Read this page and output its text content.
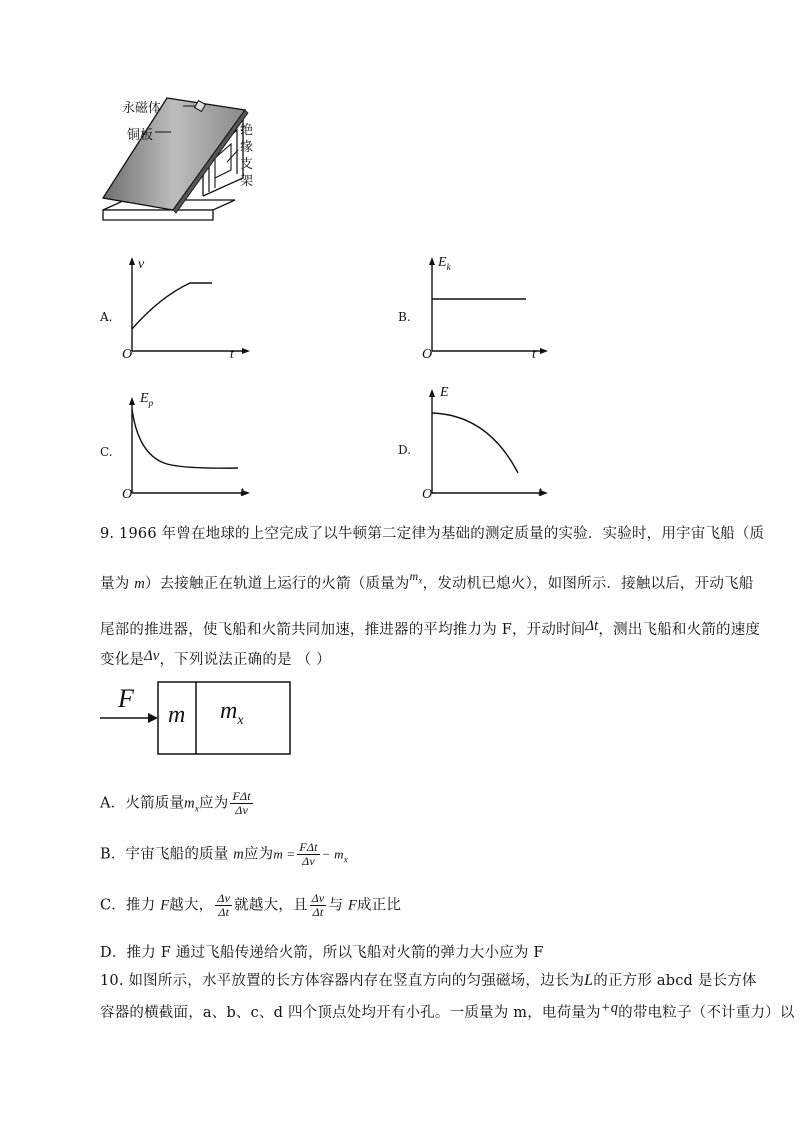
永磁体
铜板	绝
缘
支
架
A.
v
t
O
B.
$E_k$
t
O
C.
$E_p$
t
O
D.
E
t
O
9. 1966 年曾在地球的上空完成了以牛顿第二定律为基础的测定质量的实验．实验时，用宇宙飞船（质
量为 m）去接触正在轨道上运行的火箭（质量为$^{m_x}$，发动机已熄火），如图所示．接触以后，开动飞船
尾部的推进器，使飞船和火箭共同加速，推进器的平均推力为 F，开动时间Δt，测出飞船和火箭的速度
变化是Δv，下列说法正确的是 （ ）
F
m $m_x$
A．火箭质量$m_x$应为 $\frac{\text{FΔt}}{\Delta v}$
B．宇宙飞船的质量 m应为$m = \frac{\text{FΔt}}{\Delta v} - m_x$
C．推力 F越大， $\frac{\Delta v}{\Delta t}$ 就越大，且 $\frac{\Delta v}{\Delta t}$ 与 F成正比
D．推力 F 通过飞船传递给火箭，所以飞船对火箭的弹力大小应为 F
10. 如图所示，水平放置的长方体容器内存在竖直方向的匀强磁场，边长为L的正方形 abcd 是长方体
容器的横截面，a、b、c、d 四个顶点处均开有小孔。一质量为 m，电荷量为+q的带电粒子（不计重力）以
